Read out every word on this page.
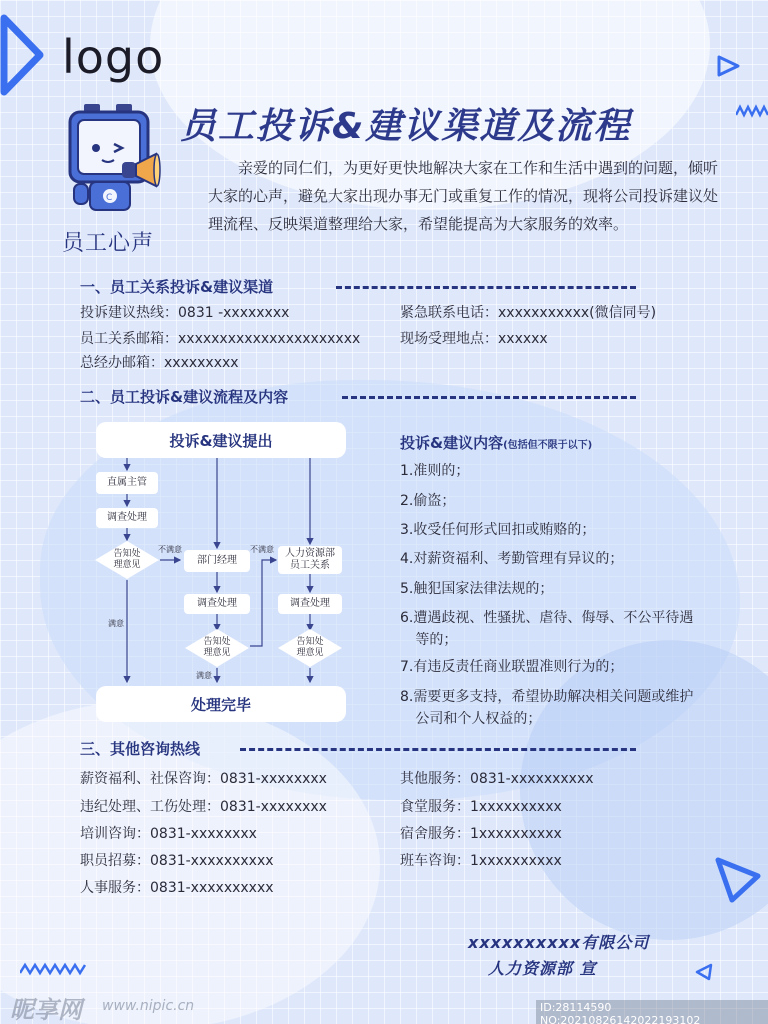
logo
员工投诉&建议渠道及流程
C
员工心声
亲爱的同仁们，为更好更快地解决大家在工作和生活中遇到的问题，倾听大家的心声，避免大家出现办事无门或重复工作的情况，现将公司投诉建议处理流程、反映渠道整理给大家，希望能提高为大家服务的效率。
一、员工关系投诉&建议渠道
投诉建议热线：0831 -xxxxxxxx
员工关系邮箱：xxxxxxxxxxxxxxxxxxxxxx
总经办邮箱：xxxxxxxxx
紧急联系电话：xxxxxxxxxxx(微信同号)
现场受理地点：xxxxxx
二、员工投诉&建议流程及内容
投诉&建议提出
直属主管
调查处理
告知处
理意见	部门经理
调查处理
告知处
理意见
人力资源部
员工关系
调查处理
告知处
理意见
不满意	不满意
满意
满意
处理完毕
投诉&建议内容(包括但不限于以下)
1.准则的；
2.偷盗；
3.收受任何形式回扣或贿赂的；
4.对薪资福利、考勤管理有异议的；
5.触犯国家法律法规的；
6.遭遇歧视、性骚扰、虐待、侮辱、不公平待遇等的；
7.有违反责任商业联盟准则行为的；
8.需要更多支持，希望协助解决相关问题或维护公司和个人权益的；
三、其他咨询热线
薪资福利、社保咨询：0831-xxxxxxxx
违纪处理、工伤处理：0831-xxxxxxxx
培训咨询：0831-xxxxxxxx
职员招募：0831-xxxxxxxxxx
人事服务：0831-xxxxxxxxxx
其他服务：0831-xxxxxxxxxx
食堂服务：1xxxxxxxxxx
宿舍服务：1xxxxxxxxxx
班车咨询：1xxxxxxxxxx
xxxxxxxxxx有限公司
人力资源部 宣
昵享网 www.nipic.cn	ID:28114590 NO:20210826142022193102
